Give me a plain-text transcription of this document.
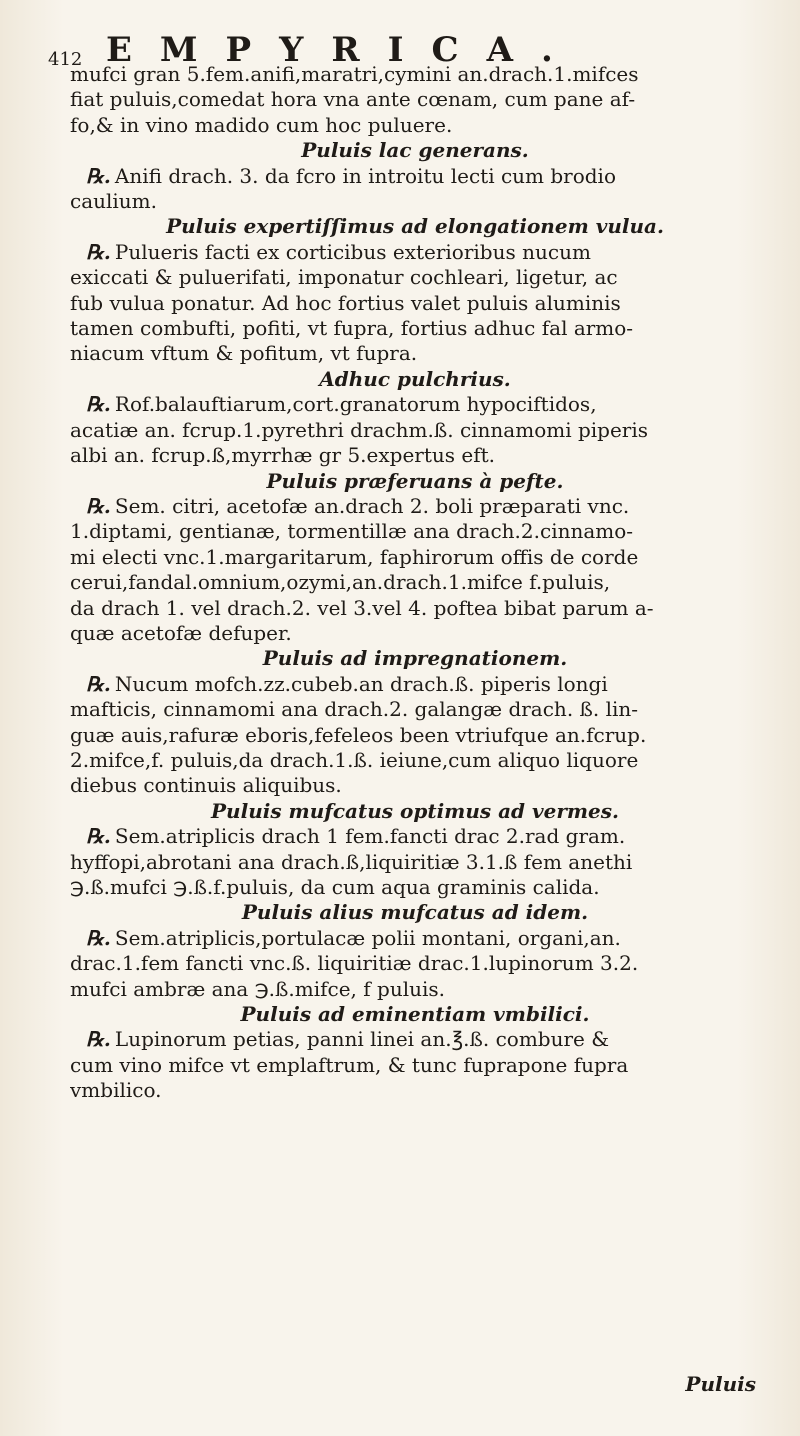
412 EMPYRICA.
mufci gran 5.fem.anifi,maratri,cymini an.drach.1.mifces
fiat puluis,comedat hora vna ante cœnam, cum pane af-
fo,& in vino madido cum hoc puluere.
Puluis lac generans.
℞. Anifi drach. 3. da fcro in introitu lecti cum brodio
caulium.
Puluis expertiſſimus ad elongationem vulua.
℞. Pulueris facti ex corticibus exterioribus nucum
exiccati & puluerifati, imponatur cochleari, ligetur, ac
fub vulua ponatur. Ad hoc fortius valet puluis aluminis
tamen combufti, pofiti, vt fupra, fortius adhuc fal armo-
niacum vftum & pofitum, vt fupra.
Adhuc pulchrius.
℞. Rof.balauftiarum,cort.granatorum hypociftidos,
acatiæ an. fcrup.1.pyrethri drachm.ß. cinnamomi piperis
albi an. fcrup.ß,myrrhæ gr 5.expertus eft.
Puluis præferuans à pefte.
℞. Sem. citri, acetofæ an.drach 2. boli præparati vnc.
1.diptami, gentianæ, tormentillæ ana drach.2.cinnamo-
mi electi vnc.1.margaritarum, faphirorum offis de corde
cerui,fandal.omnium,ozymi,an.drach.1.mifce f.puluis,
da drach 1. vel drach.2. vel 3.vel 4. poftea bibat parum a-
quæ acetofæ defuper.
Puluis ad impregnationem.
℞. Nucum mofch.zz.cubeb.an drach.ß. piperis longi
mafticis, cinnamomi ana drach.2. galangæ drach. ß. lin-
guæ auis,rafuræ eboris,fefeleos been vtriufque an.fcrup.
2.mifce,f. puluis,da drach.1.ß. ieiune,cum aliquo liquore
diebus continuis aliquibus.
Puluis mufcatus optimus ad vermes.
℞. Sem.atriplicis drach 1 fem.fancti drac 2.rad gram.
hyffopi,abrotani ana drach.ß,liquiritiæ 3.1.ß fem anethi
℈.ß.mufci ℈.ß.f.puluis, da cum aqua graminis calida.
Puluis alius mufcatus ad idem.
℞. Sem.atriplicis,portulacæ polii montani, organi,an.
drac.1.fem fancti vnc.ß. liquiritiæ drac.1.lupinorum 3.2.
mufci ambræ ana ℈.ß.mifce, f puluis.
Puluis ad eminentiam vmbilici.
℞. Lupinorum petias, panni linei an.℥.ß. combure &
cum vino mifce vt emplaftrum, & tunc fuprapone fupra
vmbilico.
Puluis
